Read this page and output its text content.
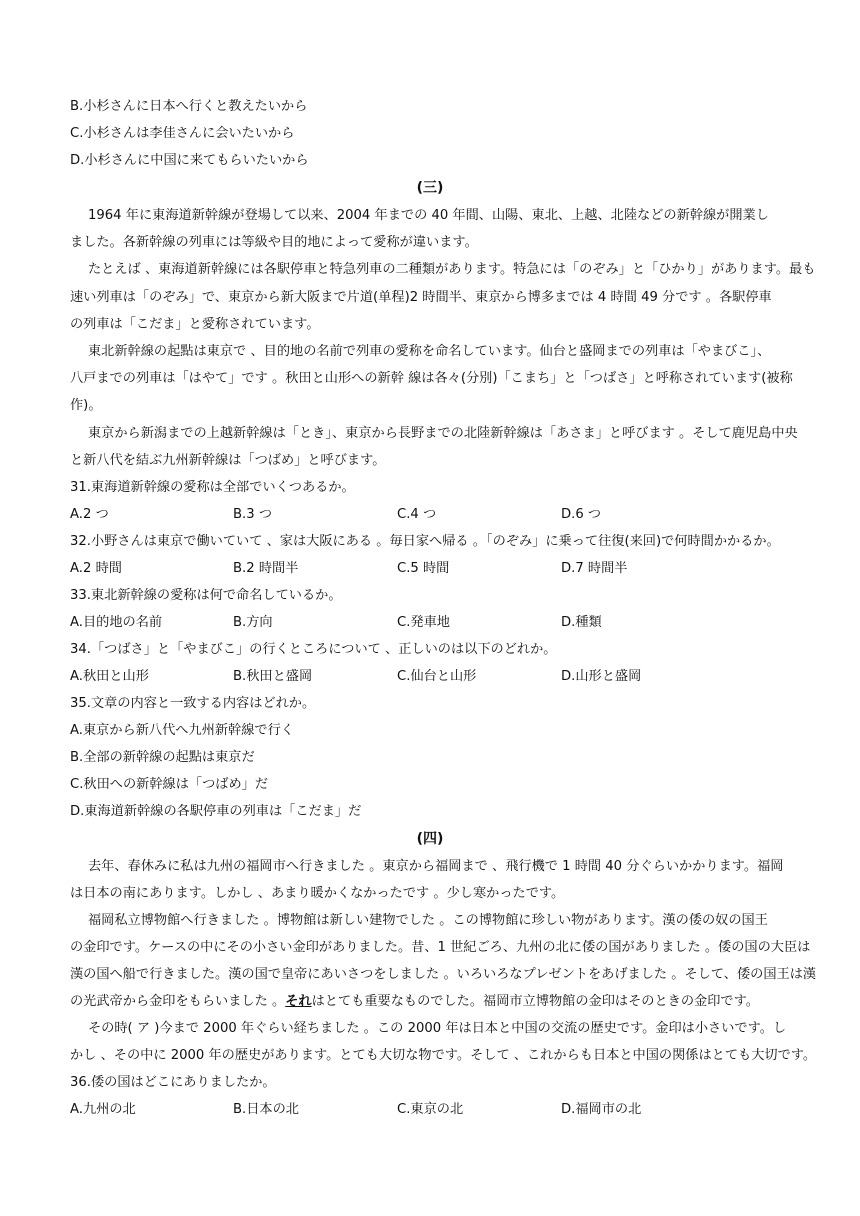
B.小杉さんに日本へ行くと教えたいから
C.小杉さんは李佳さんに会いたいから
D.小杉さんに中国に来てもらいたいから
(三)
1964 年に東海道新幹線が登場して以来、2004 年までの 40 年間、山陽、東北、上越、北陸などの新幹線が開業し
ました。各新幹線の列車には等級や目的地によって愛称が違います。
たとえば 、東海道新幹線には各駅停車と特急列車の二種類があります。特急には「のぞみ」と「ひかり」があります。最も
速い列車は「のぞみ」で、東京から新大阪まで片道(单程)2 時間半、東京から博多までは 4 時間 49 分です 。各駅停車
の列車は「こだま」と愛称されています。
東北新幹線の起點は東京で 、目的地の名前で列車の愛称を命名しています。仙台と盛岡までの列車は「やまびこ」、
八戸までの列車は「はやて」です 。秋田と山形への新幹 線は各々(分別)「こまち」と「つばさ」と呼称されています(被称
作)。
東京から新潟までの上越新幹線は「とき」、東京から長野までの北陸新幹線は「あさま」と呼びます 。そして鹿児島中央
と新八代を結ぶ九州新幹線は「つばめ」と呼びます。
31.東海道新幹線の愛称は全部でいくつあるか。
A.2 つ	B.3 つ	C.4 つ	D.6 つ
32.小野さんは東京で働いていて 、家は大阪にある 。毎日家へ帰る 。「のぞみ」に乗って往復(来回)で何時間かかるか。
A.2 時間	B.2 時間半	C.5 時間	D.7 時間半
33.東北新幹線の愛称は何で命名しているか。
A.目的地の名前	B.方向	C.発車地	D.種類
34.「つばさ」と「やまびこ」の行くところについて 、正しいのは以下のどれか。
A.秋田と山形	B.秋田と盛岡	C.仙台と山形	D.山形と盛岡
35.文章の内容と一致する内容はどれか。
A.東京から新八代へ九州新幹線で行く
B.全部の新幹線の起點は東京だ
C.秋田への新幹線は「つばめ」だ
D.東海道新幹線の各駅停車の列車は「こだま」だ
(四)
去年、春休みに私は九州の福岡市へ行きました 。東京から福岡まで 、飛行機で 1 時間 40 分ぐらいかかります。福岡
は日本の南にあります。しかし 、あまり暖かくなかったです 。少し寒かったです。
福岡私立博物館へ行きました 。博物館は新しい建物でした 。この博物館に珍しい物があります。漢の倭の奴の国王
の金印です。ケースの中にその小さい金印がありました。昔、1 世紀ごろ、九州の北に倭の国がありました 。倭の国の大臣は
漢の国へ船で行きました。漢の国で皇帝にあいさつをしました 。いろいろなプレゼントをあげました 。そして、倭の国王は漢
の光武帝から金印をもらいました 。それはとても重要なものでした。福岡市立博物館の金印はそのときの金印です。
その時( ア )今まで 2000 年ぐらい経ちました 。この 2000 年は日本と中国の交流の歴史です。金印は小さいです。し
かし 、その中に 2000 年の歴史があります。とても大切な物です。そして 、これからも日本と中国の関係はとても大切です。
36.倭の国はどこにありましたか。
A.九州の北	B.日本の北	C.東京の北	D.福岡市の北
